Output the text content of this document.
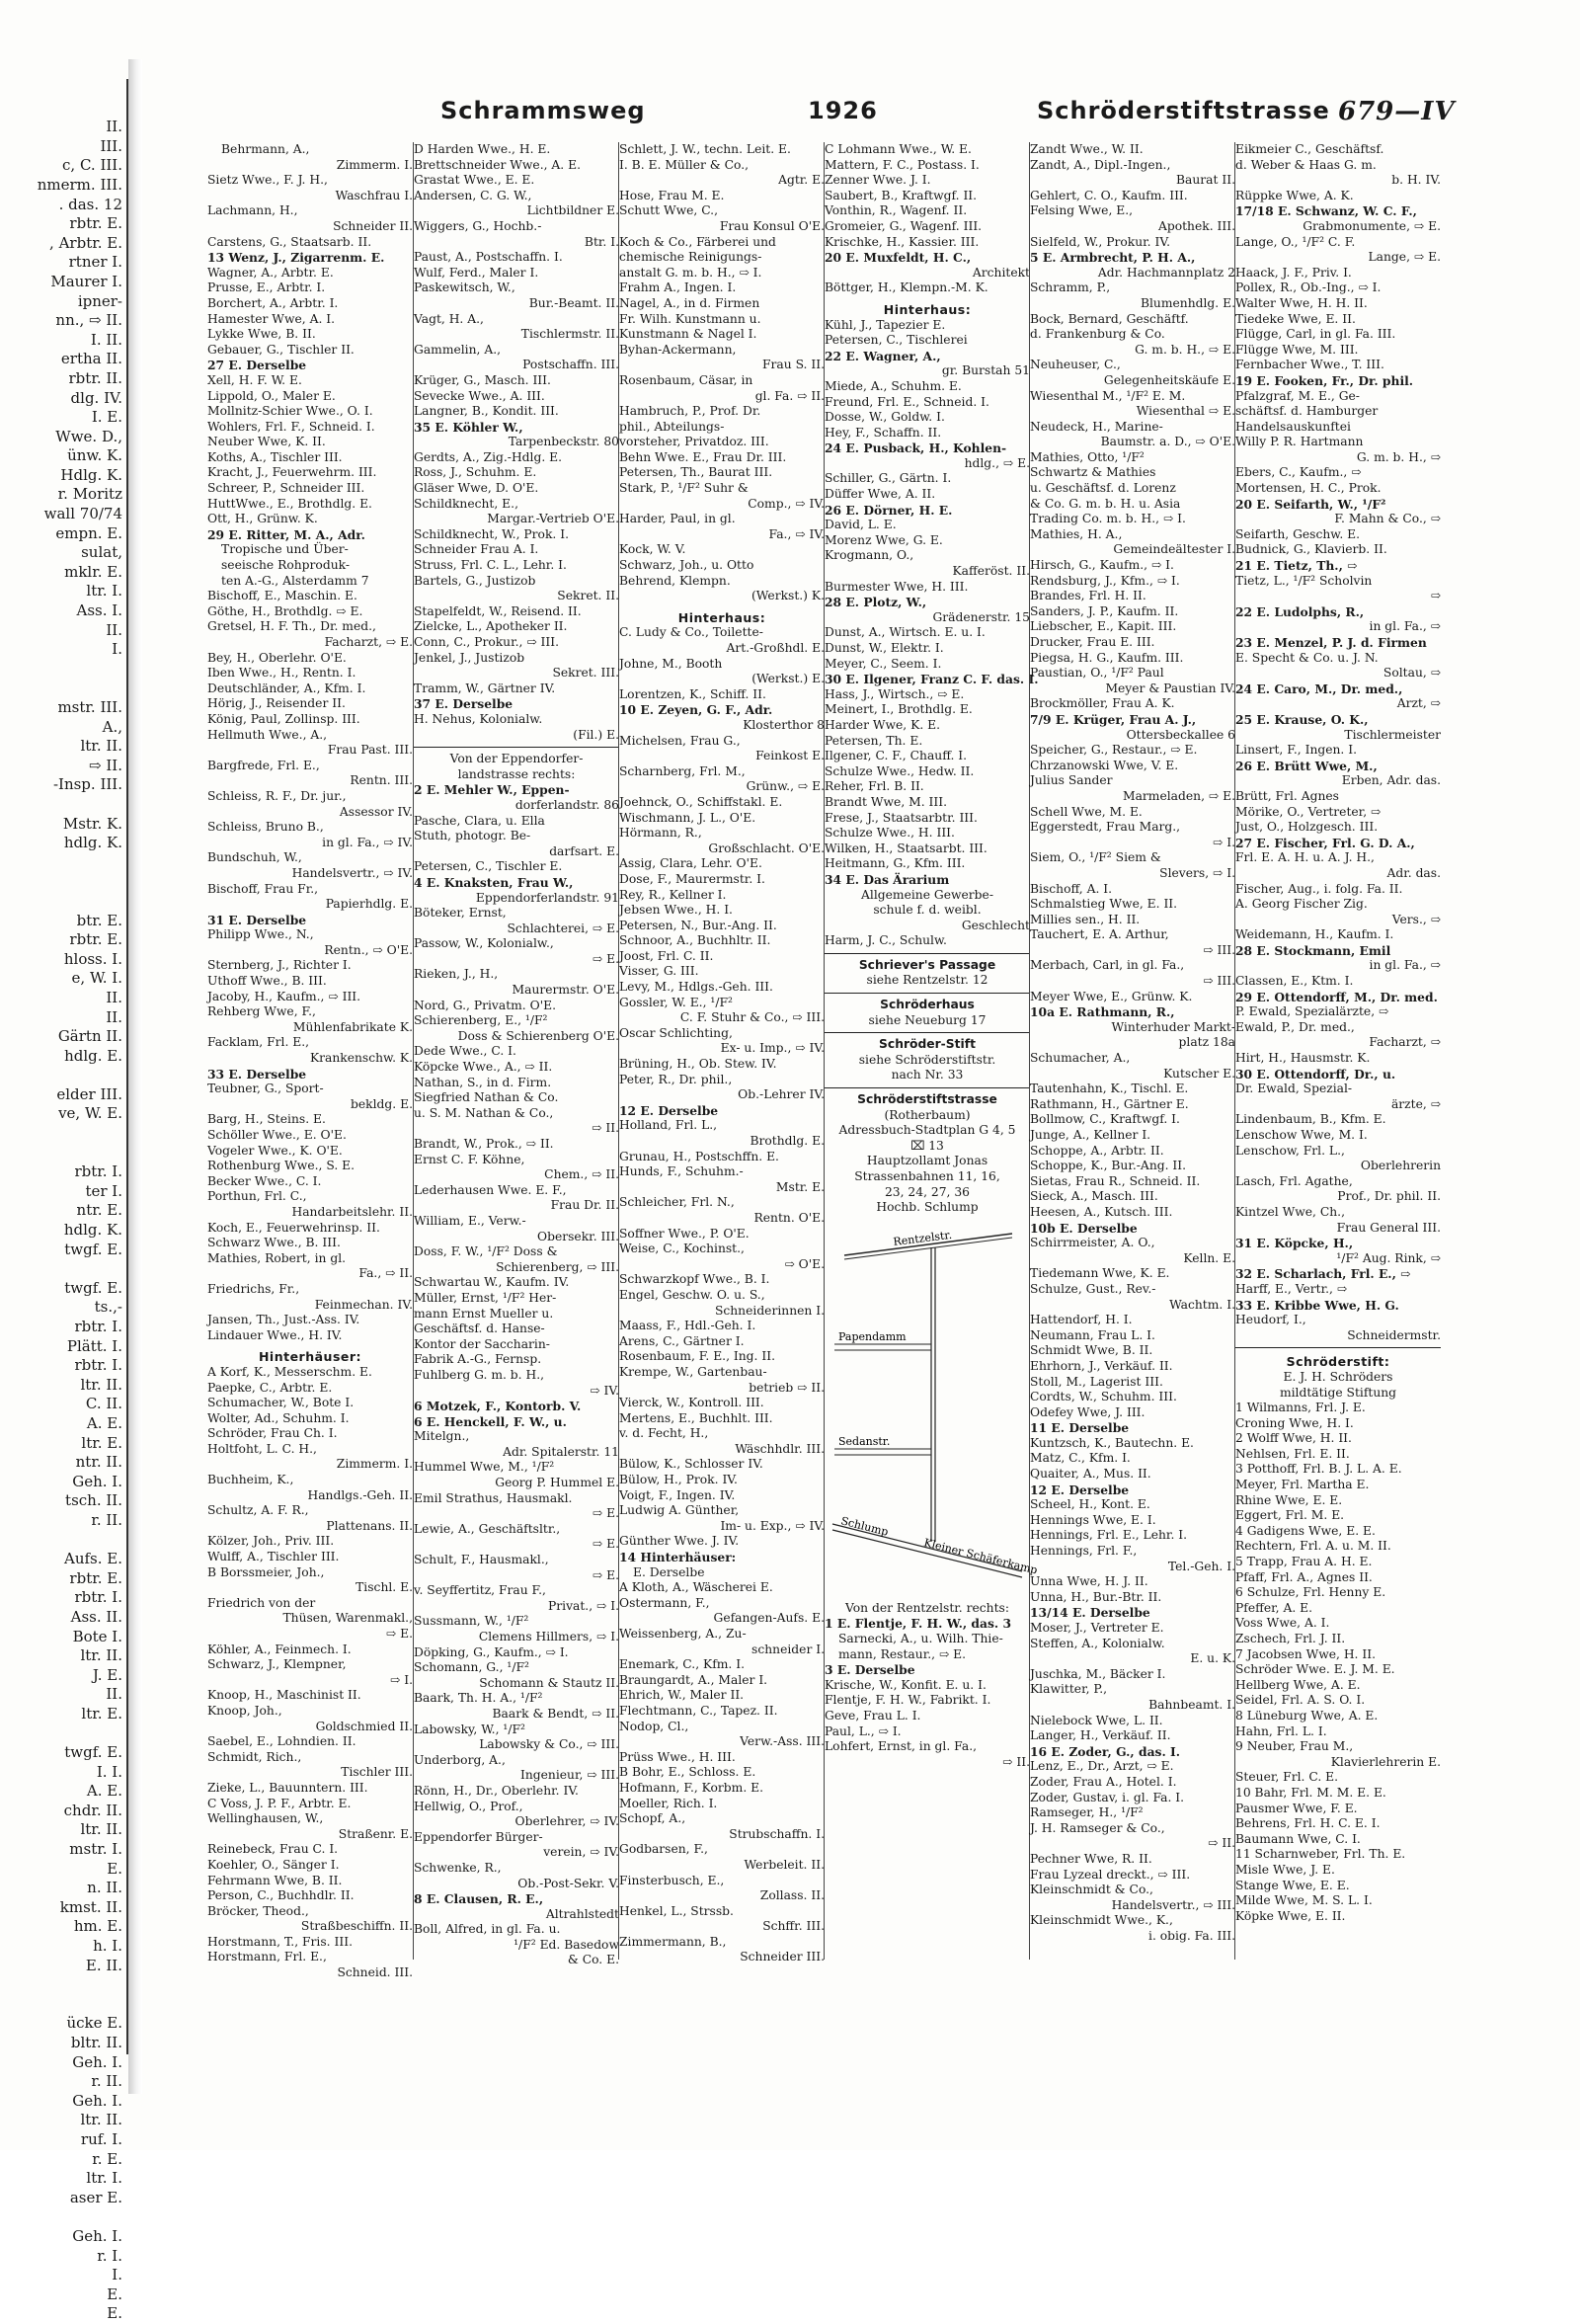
II.
III.
c, C. III.
nmerm. III.
. das. 12
rbtr. E.
, Arbtr. E.
rtner I.
Maurer I.
ipner-
nn., ⇨ II.
I. II.
ertha II.
rbtr. II.
dlg. IV.
I. E.
Wwe. D.,
ünw. K.
Hdlg. K.
r. Moritz
wall 70/74
empn. E.
sulat,
mklr. E.
ltr. I.
Ass. I.
II.
I.

mstr. III.
A.,
ltr. II.
⇨ II.
-Insp. III.

Mstr. K.
hdlg. K.

btr. E.
rbtr. E.
hloss. I.
e, W. I.
II.
II.
Gärtn II.
hdlg. E.

elder III.
ve, W. E.

rbtr. I.
ter I.
ntr. E.
hdlg. K.
twgf. E.

twgf. E.
ts.,-
rbtr. I.
Plätt. I.
rbtr. I.
ltr. II.
C. II.
A. E.
ltr. E.
ntr. II.
Geh. I.
tsch. II.
r. II.

Aufs. E.
rbtr. E.
rbtr. I.
Ass. II.
Bote I.
ltr. II.
J. E.
II.
ltr. E.

twgf. E.
I. I.
A. E.
chdr. II.
ltr. II.
mstr. I.
E.
n. II.
kmst. II.
hm. E.
h. I.
E. II.

ücke E.
bltr. II.
Geh. I.
r. II.
Geh. I.
ltr. II.
ruf. I.
r. E.
ltr. I.
aser E.

Geh. I.
r. I.
I.
E.
E.
Schrammsweg	1926	Schröderstiftstrasse 679—IV
Behrmann, A.,
Zimmerm. I.
Sietz Wwe., F. J. H.,
Waschfrau I.
Lachmann, H.,
Schneider II.
Carstens, G., Staatsarb. II.
13 Wenz, J., Zigarrenm. E.
Wagner, A., Arbtr. E.
Prusse, E., Arbtr. I.
Borchert, A., Arbtr. I.
Hamester Wwe, A. I.
Lykke Wwe, B. II.
Gebauer, G., Tischler II.
27 E. Derselbe
Xell, H. F. W. E.
Lippold, O., Maler E.
Mollnitz-Schier Wwe., O. I.
Wohlers, Frl. F., Schneid. I.
Neuber Wwe, K. II.
Koths, A., Tischler III.
Kracht, J., Feuerwehrm. III.
Schreer, P., Schneider III.
HuttWwe., E., Brothdlg. E.
Ott, H., Grünw. K.
29 E. Ritter, M. A., Adr.
Tropische und Über-
seeische Rohproduk-
ten A.-G., Alsterdamm 7
Bischoff, E., Maschin. E.
Göthe, H., Brothdlg. ⇨ E.
Gretsel, H. F. Th., Dr. med.,
Facharzt, ⇨ E.
Bey, H., Oberlehr. O'E.
Iben Wwe., H., Rentn. I.
Deutschländer, A., Kfm. I.
Hörig, J., Reisender II.
König, Paul, Zollinsp. III.
Hellmuth Wwe., A.,
Frau Past. III.
Bargfrede, Frl. E.,
Rentn. III.
Schleiss, R. F., Dr. jur.,
Assessor IV.
Schleiss, Bruno B.,
in gl. Fa., ⇨ IV.
Bundschuh, W.,
Handelsvertr., ⇨ IV.
Bischoff, Frau Fr.,
Papierhdlg. E.
31 E. Derselbe
Philipp Wwe., N.,
Rentn., ⇨ O'E.
Sternberg, J., Richter I.
Uthoff Wwe., B. III.
Jacoby, H., Kaufm., ⇨ III.
Rehberg Wwe, F.,
Mühlenfabrikate K.
Facklam, Frl. E.,
Krankenschw. K.
33 E. Derselbe
Teubner, G., Sport-
bekldg. E.
Barg, H., Steins. E.
Schöller Wwe., E. O'E.
Vogeler Wwe., K. O'E.
Rothenburg Wwe., S. E.
Becker Wwe., C. I.
Porthun, Frl. C.,
Handarbeitslehr. II.
Koch, E., Feuerwehrinsp. II.
Schwarz Wwe., B. III.
Mathies, Robert, in gl.
Fa., ⇨ II.
Friedrichs, Fr.,
Feinmechan. IV.
Jansen, Th., Just.-Ass. IV.
Lindauer Wwe., H. IV.
Hinterhäuser:
A Korf, K., Messerschm. E.
Paepke, C., Arbtr. E.
Schumacher, W., Bote I.
Wolter, Ad., Schuhm. I.
Schröder, Frau Ch. I.
Holtfoht, L. C. H.,
Zimmerm. I.
Buchheim, K.,
Handlgs.-Geh. II.
Schultz, A. F. R.,
Plattenans. II.
Kölzer, Joh., Priv. III.
Wulff, A., Tischler III.
B Borssmeier, Joh.,
Tischl. E.
Friedrich von der
Thüsen, Warenmakl.,
⇨ E.
Köhler, A., Feinmech. I.
Schwarz, J., Klempner,
⇨ I.
Knoop, H., Maschinist II.
Knoop, Joh.,
Goldschmied II.
Saebel, E., Lohndien. II.
Schmidt, Rich.,
Tischler III.
Zieke, L., Bauunntern. III.
C Voss, J. P. F., Arbtr. E.
Wellinghausen, W.,
Straßenr. E.
Reinebeck, Frau C. I.
Koehler, O., Sänger I.
Fehrmann Wwe, B. II.
Person, C., Buchhdlr. II.
Bröcker, Theod.,
Straßbeschiffn. II.
Horstmann, T., Fris. III.
Horstmann, Frl. E.,
Schneid. III.
D Harden Wwe., H. E.
Brettschneider Wwe., A. E.
Grastat Wwe., E. E.
Andersen, C. G. W.,
Lichtbildner E.
Wiggers, G., Hochb.-
Btr. I.
Paust, A., Postschaffn. I.
Wulf, Ferd., Maler I.
Paskewitsch, W.,
Bur.-Beamt. II.
Vagt, H. A.,
Tischlermstr. II.
Gammelin, A.,
Postschaffn. III.
Krüger, G., Masch. III.
Sevecke Wwe., A. III.
Langner, B., Kondit. III.
35 E. Köhler W.,
Tarpenbeckstr. 80
Gerdts, A., Zig.-Hdlg. E.
Ross, J., Schuhm. E.
Gläser Wwe, D. O'E.
Schildknecht, E.,
Margar.-Vertrieb O'E.
Schildknecht, W., Prok. I.
Schneider Frau A. I.
Struss, Frl. C. L., Lehr. I.
Bartels, G., Justizob
Sekret. II.
Stapelfeldt, W., Reisend. II.
Zielcke, L., Apotheker II.
Conn, C., Prokur., ⇨ III.
Jenkel, J., Justizob
Sekret. III.
Tramm, W., Gärtner IV.
37 E. Derselbe
H. Nehus, Kolonialw.
(Fil.) E.
Von der Eppendorfer-
landstrasse rechts:
2 E. Mehler W., Eppen-
dorferlandstr. 86
Pasche, Clara, u. Ella
Stuth, photogr. Be-
darfsart. E.
Petersen, C., Tischler E.
4 E. Knaksten, Frau W.,
Eppendorferlandstr. 91
Böteker, Ernst,
Schlachterei, ⇨ E.
Passow, W., Kolonialw.,
⇨ E.
Rieken, J., H.,
Maurermstr. O'E.
Nord, G., Privatm. O'E.
Schierenberg, E., ¹/F²
Doss & Schierenberg O'E.
Dede Wwe., C. I.
Köpcke Wwe., A., ⇨ II.
Nathan, S., in d. Firm.
Siegfried Nathan & Co.
u. S. M. Nathan & Co.,
⇨ II.
Brandt, W., Prok., ⇨ II.
Ernst C. F. Köhne,
Chem., ⇨ II.
Lederhausen Wwe. E. F.,
Frau Dr. II.
William, E., Verw.-
Obersekr. III.
Doss, F. W., ¹/F² Doss &
Schierenberg, ⇨ III.
Schwartau W., Kaufm. IV.
Müller, Ernst, ¹/F² Her-
mann Ernst Mueller u.
Geschäftsf. d. Hanse-
Kontor der Saccharin-
Fabrik A.-G., Fernsp.
Fuhlberg G. m. b. H.,
⇨ IV.
6 Motzek, F., Kontorb. V.
6 E. Henckell, F. W., u.
Mitelgn.,
Adr. Spitalerstr. 11
Hummel Wwe, M., ¹/F²
Georg P. Hummel E.
Emil Strathus, Hausmakl.
⇨ E.
Lewie, A., Geschäftsltr.,
⇨ E.
Schult, F., Hausmakl.,
⇨ E.
v. Seyffertitz, Frau F.,
Privat., ⇨ I.
Sussmann, W., ¹/F²
Clemens Hillmers, ⇨ I.
Döpking, G., Kaufm., ⇨ I.
Schomann, G., ¹/F²
Schomann & Stautz II.
Baark, Th. H. A., ¹/F²
Baark & Bendt, ⇨ II.
Labowsky, W., ¹/F²
Labowsky & Co., ⇨ III.
Underborg, A.,
Ingenieur, ⇨ III.
Rönn, H., Dr., Oberlehr. IV.
Hellwig, O., Prof.,
Oberlehrer, ⇨ IV.
Eppendorfer Bürger-
verein, ⇨ IV.
Schwenke, R.,
Ob.-Post-Sekr. V.
8 E. Clausen, R. E.,
Altrahlstedt
Boll, Alfred, in gl. Fa. u.
¹/F² Ed. Basedow
& Co. E.
Schlett, J. W., techn. Leit. E.
I. B. E. Müller & Co.,
Agtr. E.
Hose, Frau M. E.
Schutt Wwe, C.,
Frau Konsul O'E.
Koch & Co., Färberei und
chemische Reinigungs-
anstalt G. m. b. H., ⇨ I.
Frahm A., Ingen. I.
Nagel, A., in d. Firmen
Fr. Wilh. Kunstmann u.
Kunstmann & Nagel I.
Byhan-Ackermann,
Frau S. II.
Rosenbaum, Cäsar, in
gl. Fa. ⇨ II.
Hambruch, P., Prof. Dr.
phil., Abteilungs-
vorsteher, Privatdoz. III.
Behn Wwe. E., Frau Dr. III.
Petersen, Th., Baurat III.
Stark, P., ¹/F² Suhr &
Comp., ⇨ IV.
Harder, Paul, in gl.
Fa., ⇨ IV.
Kock, W. V.
Schwarz, Joh., u. Otto
Behrend, Klempn.
(Werkst.) K.
Hinterhaus:
C. Ludy & Co., Toilette-
Art.-Großhdl. E.
Johne, M., Booth
(Werkst.) E.
Lorentzen, K., Schiff. II.
10 E. Zeyen, G. F., Adr.
Klosterthor 8
Michelsen, Frau G.,
Feinkost E.
Scharnberg, Frl. M.,
Grünw., ⇨ E.
Joehnck, O., Schiffstakl. E.
Wischmann, J. L., O'E.
Hörmann, R.,
Großschlacht. O'E.
Assig, Clara, Lehr. O'E.
Dose, F., Maurermstr. I.
Rey, R., Kellner I.
Jebsen Wwe., H. I.
Petersen, N., Bur.-Ang. II.
Schnoor, A., Buchhltr. II.
Joost, Frl. C. II.
Visser, G. III.
Levy, M., Hdlgs.-Geh. III.
Gossler, W. E., ¹/F²
C. F. Stuhr & Co., ⇨ III.
Oscar Schlichting,
Ex- u. Imp., ⇨ IV.
Brüning, H., Ob. Stew. IV.
Peter, R., Dr. phil.,
Ob.-Lehrer IV.
12 E. Derselbe
Holland, Frl. L.,
Brothdlg. E.
Grunau, H., Postschffn. E.
Hunds, F., Schuhm.-
Mstr. E.
Schleicher, Frl. N.,
Rentn. O'E.
Soffner Wwe., P. O'E.
Weise, C., Kochinst.,
⇨ O'E.
Schwarzkopf Wwe., B. I.
Engel, Geschw. O. u. S.,
Schneiderinnen I.
Maass, F., Hdl.-Geh. I.
Arens, C., Gärtner I.
Rosenbaum, F. E., Ing. II.
Krempe, W., Gartenbau-
betrieb ⇨ II.
Vierck, W., Kontroll. III.
Mertens, E., Buchhlt. III.
v. d. Fecht, H.,
Wäschhdlr. III.
Bülow, K., Schlosser IV.
Bülow, H., Prok. IV.
Voigt, F., Ingen. IV.
Ludwig A. Günther,
Im- u. Exp., ⇨ IV.
Günther Wwe. J. IV.
14 Hinterhäuser:
E. Derselbe
A Kloth, A., Wäscherei E.
Ostermann, F.,
Gefangen-Aufs. E.
Weissenberg, A., Zu-
schneider I.
Enemark, C., Kfm. I.
Braungardt, A., Maler I.
Ehrich, W., Maler II.
Flechtmann, C., Tapez. II.
Nodop, Cl.,
Verw.-Ass. III.
Prüss Wwe., H. III.
B Bohr, E., Schloss. E.
Hofmann, F., Korbm. E.
Moeller, Rich. I.
Schopf, A.,
Strubschaffn. I.
Godbarsen, F.,
Werbeleit. II.
Finsterbusch, E.,
Zollass. II.
Henkel, L., Strssb.
Schffr. III.
Zimmermann, B.,
Schneider III.
C Lohmann Wwe., W. E.
Mattern, F. C., Postass. I.
Zenner Wwe. J. I.
Saubert, B., Kraftwgf. II.
Vonthin, R., Wagenf. II.
Gromeier, G., Wagenf. III.
Krischke, H., Kassier. III.
20 E. Muxfeldt, H. C.,
Architekt
Böttger, H., Klempn.-M. K.
Hinterhaus:
Kühl, J., Tapezier E.
Petersen, C., Tischlerei
22 E. Wagner, A.,
gr. Burstah 51
Miede, A., Schuhm. E.
Freund, Frl. E., Schneid. I.
Dosse, W., Goldw. I.
Hey, F., Schaffn. II.
24 E. Pusback, H., Kohlen-
hdlg., ⇨ E.
Schiller, G., Gärtn. I.
Düffer Wwe, A. II.
26 E. Dörner, H. E.
David, L. E.
Morenz Wwe, G. E.
Krogmann, O.,
Kafferöst. II.
Burmester Wwe, H. III.
28 E. Plotz, W.,
Grädenerstr. 15
Dunst, A., Wirtsch. E. u. I.
Dunst, W., Elektr. I.
Meyer, C., Seem. I.
30 E. Ilgener, Franz C. F. das. I.
Hass, J., Wirtsch., ⇨ E.
Meinert, I., Brothdlg. E.
Harder Wwe, K. E.
Petersen, Th. E.
Ilgener, C. F., Chauff. I.
Schulze Wwe., Hedw. II.
Reher, Frl. B. II.
Brandt Wwe, M. III.
Frese, J., Staatsarbtr. III.
Schulze Wwe., H. III.
Wilken, H., Staatsarbt. III.
Heitmann, G., Kfm. III.
34 E. Das Ärarium
Allgemeine Gewerbe-
schule f. d. weibl.
Geschlecht
Harm, J. C., Schulw.
Schriever's Passage
siehe Rentzelstr. 12
Schröderhaus
siehe Neueburg 17
Schröder-Stift
siehe Schröderstiftstr.
nach Nr. 33
Schröderstiftstrasse
(Rotherbaum)
Adressbuch-Stadtplan G 4, 5
⌧ 13
Hauptzollamt Jonas
Strassenbahnen 11, 16,
23, 24, 27, 36
Hochb. Schlump
Rentzelstr.
Papendamm
Sedanstr.
Schlump
Kleiner Schäferkamp
Von der Rentzelstr. rechts:
1 E. Flentje, F. H. W., das. 3
Sarnecki, A., u. Wilh. Thie-
mann, Restaur., ⇨ E.
3 E. Derselbe
Krische, W., Konfit. E. u. I.
Flentje, F. H. W., Fabrikt. I.
Geve, Frau L. I.
Paul, L., ⇨ I.
Lohfert, Ernst, in gl. Fa.,
⇨ II.
Zandt Wwe., W. II.
Zandt, A., Dipl.-Ingen.,
Baurat II.
Gehlert, C. O., Kaufm. III.
Felsing Wwe, E.,
Apothek. III.
Sielfeld, W., Prokur. IV.
5 E. Armbrecht, P. H. A.,
Adr. Hachmannplatz 2
Schramm, P.,
Blumenhdlg. E.
Bock, Bernard, Geschäftf.
d. Frankenburg & Co.
G. m. b. H., ⇨ E.
Neuheuser, C.,
Gelegenheitskäufe E.
Wiesenthal M., ¹/F² E. M.
Wiesenthal ⇨ E.
Neudeck, H., Marine-
Baumstr. a. D., ⇨ O'E.
Mathies, Otto, ¹/F²
Schwartz & Mathies
u. Geschäftsf. d. Lorenz
& Co. G. m. b. H. u. Asia
Trading Co. m. b. H., ⇨ I.
Mathies, H. A.,
Gemeindeältester I.
Hirsch, G., Kaufm., ⇨ I.
Rendsburg, J., Kfm., ⇨ I.
Brandes, Frl. H. II.
Sanders, J. P., Kaufm. II.
Liebscher, E., Kapit. III.
Drucker, Frau E. III.
Piegsa, H. G., Kaufm. III.
Paustian, O., ¹/F² Paul
Meyer & Paustian IV.
Brockmöller, Frau A. K.
7/9 E. Krüger, Frau A. J.,
Ottersbeckallee 6
Speicher, G., Restaur., ⇨ E.
Chrzanowski Wwe, V. E.
Julius Sander
Marmeladen, ⇨ E.
Schell Wwe, M. E.
Eggerstedt, Frau Marg.,
⇨ I.
Siem, O., ¹/F² Siem &
Slevers, ⇨ I.
Bischoff, A. I.
Schmalstieg Wwe, E. II.
Millies sen., H. II.
Tauchert, E. A. Arthur,
⇨ III.
Merbach, Carl, in gl. Fa.,
⇨ III.
Meyer Wwe, E., Grünw. K.
10a E. Rathmann, R.,
Winterhuder Markt-
platz 18a
Schumacher, A.,
Kutscher E.
Tautenhahn, K., Tischl. E.
Rathmann, H., Gärtner E.
Bollmow, C., Kraftwgf. I.
Junge, A., Kellner I.
Schoppe, A., Arbtr. II.
Schoppe, K., Bur.-Ang. II.
Sietas, Frau R., Schneid. II.
Sieck, A., Masch. III.
Heesen, A., Kutsch. III.
10b E. Derselbe
Schirrmeister, A. O.,
Kelln. E.
Tiedemann Wwe, K. E.
Schulze, Gust., Rev.-
Wachtm. I.
Hattendorf, H. I.
Neumann, Frau L. I.
Schmidt Wwe, B. II.
Ehrhorn, J., Verkäuf. II.
Stoll, M., Lagerist III.
Cordts, W., Schuhm. III.
Odefey Wwe, J. III.
11 E. Derselbe
Kuntzsch, K., Bautechn. E.
Matz, C., Kfm. I.
Quaiter, A., Mus. II.
12 E. Derselbe
Scheel, H., Kont. E.
Hennings Wwe, E. I.
Hennings, Frl. E., Lehr. I.
Hennings, Frl. F.,
Tel.-Geh. I.
Unna Wwe, H. J. II.
Unna, H., Bur.-Btr. II.
13/14 E. Derselbe
Moser, J., Vertreter E.
Steffen, A., Kolonialw.
E. u. K.
Juschka, M., Bäcker I.
Klawitter, P.,
Bahnbeamt. I.
Nielebock Wwe, L. II.
Langer, H., Verkäuf. II.
16 E. Zoder, G., das. I.
Lenz, E., Dr., Arzt, ⇨ E.
Zoder, Frau A., Hotel. I.
Zoder, Gustav, i. gl. Fa. I.
Ramseger, H., ¹/F²
J. H. Ramseger & Co.,
⇨ II.
Pechner Wwe, R. II.
Frau Lyzeal dreckt., ⇨ III.
Kleinschmidt & Co.,
Handelsvertr., ⇨ III.
Kleinschmidt Wwe., K.,
i. obig. Fa. III.
Eikmeier C., Geschäftsf.
d. Weber & Haas G. m.
b. H. IV.
Rüppke Wwe, A. K.
17/18 E. Schwanz, W. C. F.,
Grabmonumente, ⇨ E.
Lange, O., ¹/F² C. F.
Lange, ⇨ E.
Haack, J. F., Priv. I.
Pollex, R., Ob.-Ing., ⇨ I.
Walter Wwe, H. H. II.
Tiedeke Wwe, E. II.
Flügge, Carl, in gl. Fa. III.
Flügge Wwe, M. III.
Fernbacher Wwe., T. III.
19 E. Fooken, Fr., Dr. phil.
Pfalzgraf, M. E., Ge-
schäftsf. d. Hamburger
Handelsauskunftei
Willy P. R. Hartmann
G. m. b. H., ⇨
Ebers, C., Kaufm., ⇨
Mortensen, H. C., Prok.
20 E. Seifarth, W., ¹/F²
F. Mahn & Co., ⇨
Seifarth, Geschw. E.
Budnick, G., Klavierb. II.
21 E. Tietz, Th., ⇨
Tietz, L., ¹/F² Scholvin
⇨
22 E. Ludolphs, R.,
in gl. Fa., ⇨
23 E. Menzel, P. J. d. Firmen
E. Specht & Co. u. J. N.
Soltau, ⇨
24 E. Caro, M., Dr. med.,
Arzt, ⇨
25 E. Krause, O. K.,
Tischlermeister
Linsert, F., Ingen. I.
26 E. Brütt Wwe, M.,
Erben, Adr. das.
Brütt, Frl. Agnes
Mörike, O., Vertreter, ⇨
Just, O., Holzgesch. III.
27 E. Fischer, Frl. G. D. A.,
Frl. E. A. H. u. A. J. H.,
Adr. das.
Fischer, Aug., i. folg. Fa. II.
A. Georg Fischer Zig.
Vers., ⇨
Weidemann, H., Kaufm. I.
28 E. Stockmann, Emil
in gl. Fa., ⇨
Classen, E., Ktm. I.
29 E. Ottendorff, M., Dr. med.
P. Ewald, Spezialärzte, ⇨
Ewald, P., Dr. med.,
Facharzt, ⇨
Hirt, H., Hausmstr. K.
30 E. Ottendorff, Dr., u.
Dr. Ewald, Spezial-
ärzte, ⇨
Lindenbaum, B., Kfm. E.
Lenschow Wwe, M. I.
Lenschow, Frl. L.,
Oberlehrerin
Lasch, Frl. Agathe,
Prof., Dr. phil. II.
Kintzel Wwe, Ch.,
Frau General III.
31 E. Köpcke, H.,
¹/F² Aug. Rink, ⇨
32 E. Scharlach, Frl. E., ⇨
Harff, E., Vertr., ⇨
33 E. Kribbe Wwe, H. G.
Heudorf, I.,
Schneidermstr.
Schröderstift:
E. J. H. Schröders
mildtätige Stiftung
1 Wilmanns, Frl. J. E.
Croning Wwe, H. I.
2 Wolff Wwe, H. II.
Nehlsen, Frl. E. II.
3 Potthoff, Frl. B. J. L. A. E.
Meyer, Frl. Martha E.
Rhine Wwe, E. E.
Eggert, Frl. M. E.
4 Gadigens Wwe, E. E.
Rechtern, Frl. A. u. M. II.
5 Trapp, Frau A. H. E.
Pfaff, Frl. A., Agnes II.
6 Schulze, Frl. Henny E.
Pfeffer, A. E.
Voss Wwe, A. I.
Zschech, Frl. J. II.
7 Jacobsen Wwe, H. II.
Schröder Wwe. E. J. M. E.
Hellberg Wwe, A. E.
Seidel, Frl. A. S. O. I.
8 Lüneburg Wwe, A. E.
Hahn, Frl. L. I.
9 Neuber, Frau M.,
Klavierlehrerin E.
Steuer, Frl. C. E.
10 Bahr, Frl. M. M. E. E.
Pausmer Wwe, F. E.
Behrens, Frl. H. C. E. I.
Baumann Wwe, C. I.
11 Scharnweber, Frl. Th. E.
Misle Wwe, J. E.
Stange Wwe, E. E.
Milde Wwe, M. S. L. I.
Köpke Wwe, E. II.
